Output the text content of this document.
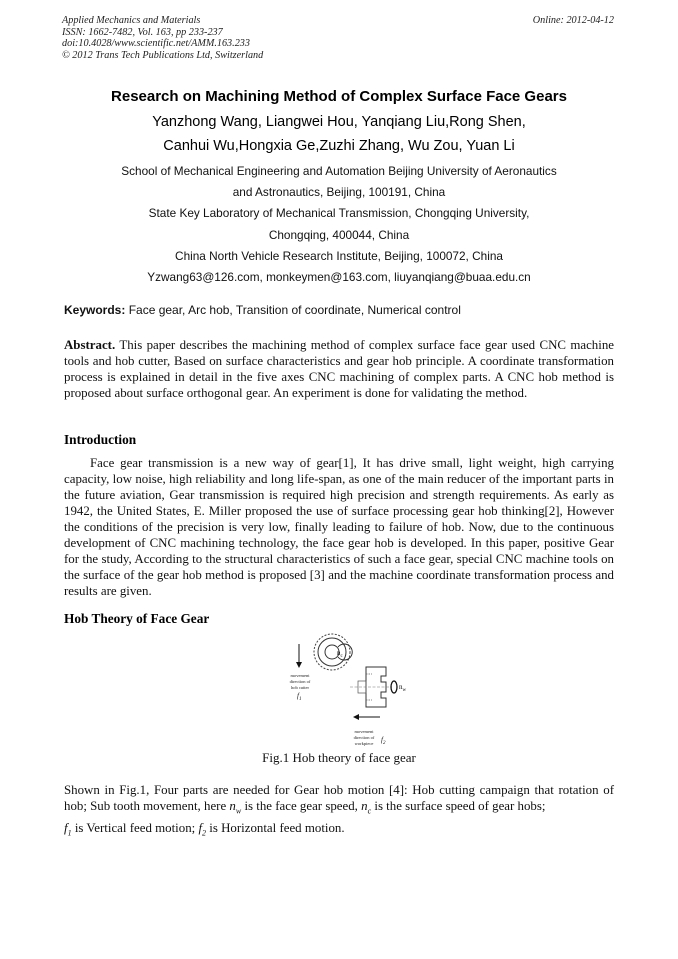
Applied Mechanics and Materials
ISSN: 1662-7482, Vol. 163, pp 233-237
doi:10.4028/www.scientific.net/AMM.163.233
© 2012 Trans Tech Publications Ltd, Switzerland
Online: 2012-04-12
Research on Machining Method of Complex Surface Face Gears
Yanzhong Wang, Liangwei Hou, Yanqiang Liu,Rong Shen,
Canhui Wu,Hongxia Ge,Zuzhi Zhang, Wu Zou, Yuan Li
School of Mechanical Engineering and Automation Beijing University of Aeronautics
and Astronautics, Beijing, 100191, China
State Key Laboratory of Mechanical Transmission, Chongqing University,
Chongqing, 400044, China
China North Vehicle Research Institute, Beijing, 100072, China
Yzwang63@126.com, monkeymen@163.com, liuyanqiang@buaa.edu.cn
Keywords: Face gear, Arc hob, Transition of coordinate, Numerical control
Abstract. This paper describes the machining method of complex surface face gear used CNC machine tools and hob cutter, Based on surface characteristics and gear hob principle. A coordinate transformation process is explained in detail in the five axes CNC machining of complex parts. A CNC hob method is proposed about surface orthogonal gear. An experiment is done for validating the method.
Introduction
Face gear transmission is a new way of gear[1], It has drive small, light weight, high carrying capacity, low noise, high reliability and long life-span, as one of the main reducer of the important parts in the future aviation, Gear transmission is required high precision and strength requirements. As early as 1942, the United States, E. Miller proposed the use of surface processing gear hob thinking[2], However the conditions of the precision is very low, finally leading to failure of hob. Now, due to the continuous development of CNC machining technology, the face gear hob is developed. In this paper, positive Gear for the study, According to the structural characteristics of such a face gear, special CNC machine tools on the surface of the gear hob method is proposed [3] and the machine coordinate transformation process and results are given.
Hob Theory of Face Gear
$n_c$
movement
direction of
hob cutter
$f_1$
$n_w$
movement
direction of
workpiece $f_2$
Fig.1 Hob theory of face gear
Shown in Fig.1, Four parts are needed for Gear hob motion [4]: Hob cutting campaign that rotation of hob; Sub tooth movement, here $n_w$ is the face gear speed, $n_c$ is the surface speed of gear hobs;
$f_1$ is Vertical feed motion; $f_2$ is Horizontal feed motion.
